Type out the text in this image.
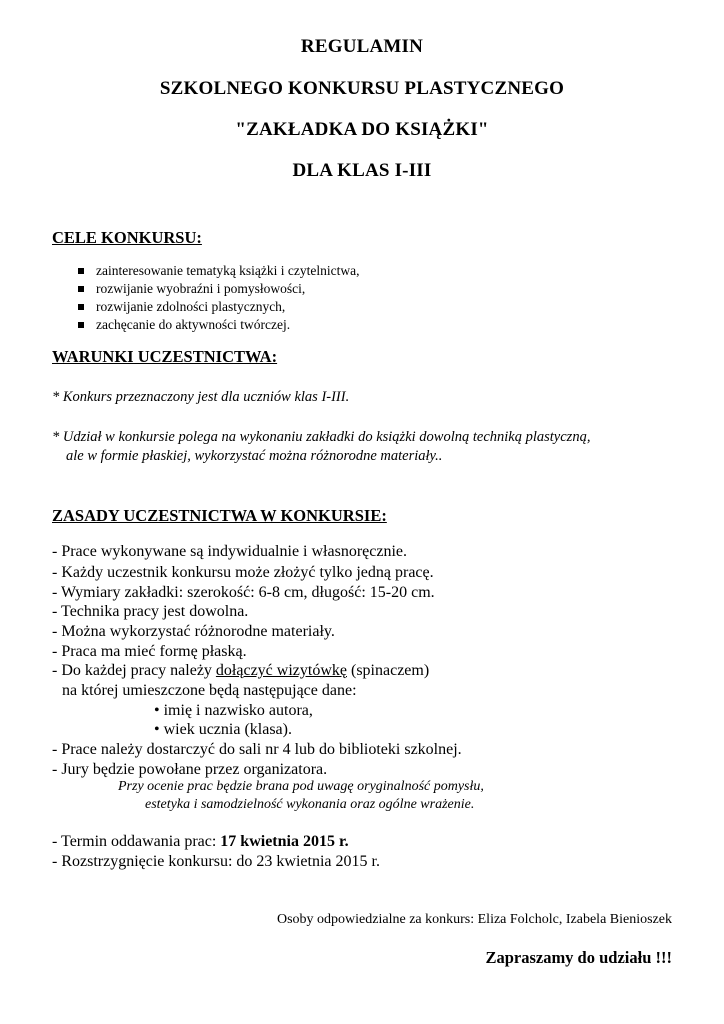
REGULAMIN
SZKOLNEGO KONKURSU PLASTYCZNEGO
"ZAKŁADKA DO KSIĄŻKI"
DLA KLAS I-III
CELE KONKURSU:
zainteresowanie tematyką książki i czytelnictwa,
rozwijanie wyobraźni i pomysłowości,
rozwijanie zdolności plastycznych,
zachęcanie do aktywności twórczej.
WARUNKI UCZESTNICTWA:
* Konkurs przeznaczony jest dla uczniów klas I-III.
* Udział w konkursie polega na wykonaniu zakładki do książki dowolną techniką plastyczną,
ale w formie płaskiej, wykorzystać można różnorodne materiały..
ZASADY UCZESTNICTWA W KONKURSIE:
- Prace wykonywane są indywidualnie i własnoręcznie.
- Każdy uczestnik konkursu może złożyć tylko jedną pracę.
- Wymiary zakładki: szerokość: 6-8 cm, długość: 15-20 cm.
- Technika pracy jest dowolna.
- Można wykorzystać różnorodne materiały.
- Praca ma mieć formę płaską.
- Do każdej pracy należy dołączyć wizytówkę (spinaczem)
na której umieszczone będą następujące dane:
• imię i nazwisko autora,
• wiek ucznia (klasa).
- Prace należy dostarczyć do sali nr 4 lub do biblioteki szkolnej.
- Jury będzie powołane przez organizatora.
Przy ocenie prac będzie brana pod uwagę oryginalność pomysłu,
estetyka i samodzielność wykonania oraz ogólne wrażenie.
- Termin oddawania prac: 17 kwietnia 2015 r.
- Rozstrzygnięcie konkursu: do 23 kwietnia 2015 r.
Osoby odpowiedzialne za konkurs: Eliza Folcholc, Izabela Bienioszek
Zapraszamy do udziału !!!
